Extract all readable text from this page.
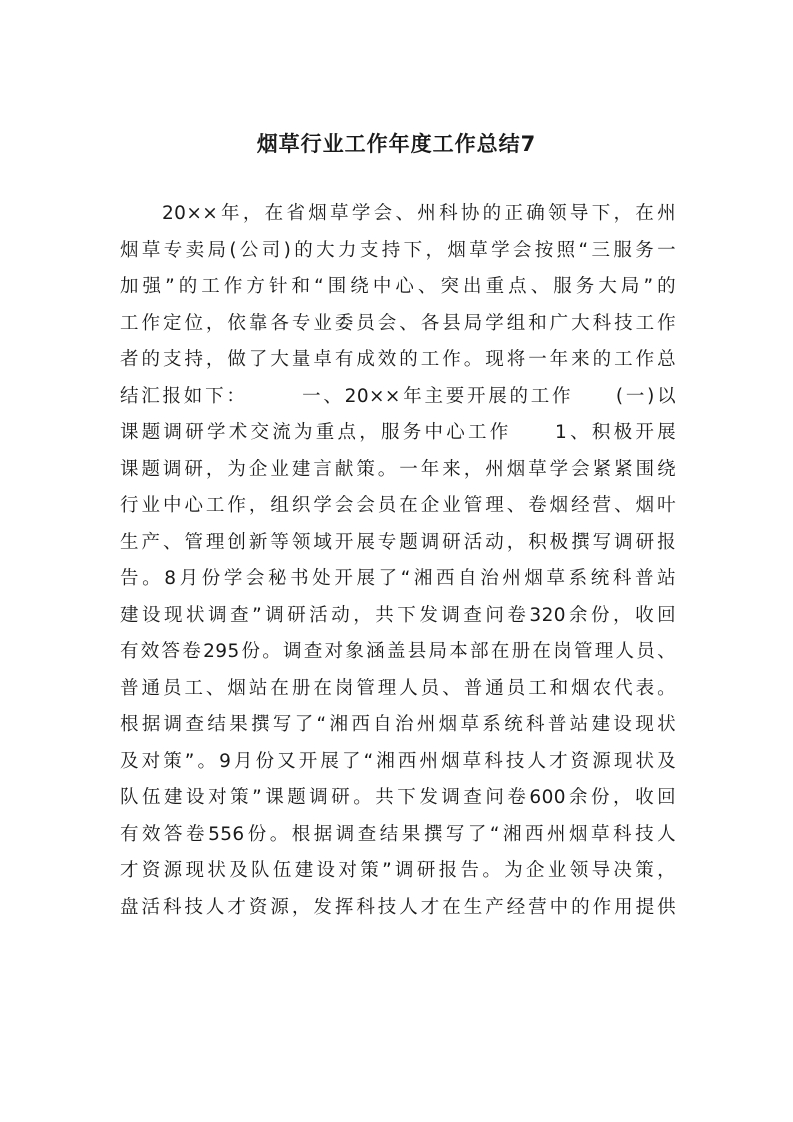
烟草行业工作年度工作总结7
20××年，在省烟草学会、州科协的正确领导下，在州
烟草专卖局(公司)的大力支持下，烟草学会按照“三服务一
加强”的工作方针和“围绕中心、突出重点、服务大局”的
工作定位，依靠各专业委员会、各县局学组和广大科技工作
者的支持，做了大量卓有成效的工作。现将一年来的工作总
结汇报如下：　　　一、20××年主要开展的工作　　(一)以
课题调研学术交流为重点，服务中心工作　　1、积极开展
课题调研，为企业建言献策。一年来，州烟草学会紧紧围绕
行业中心工作，组织学会会员在企业管理、卷烟经营、烟叶
生产、管理创新等领域开展专题调研活动，积极撰写调研报
告。8月份学会秘书处开展了“湘西自治州烟草系统科普站
建设现状调查”调研活动，共下发调查问卷320余份，收回
有效答卷295份。调查对象涵盖县局本部在册在岗管理人员、
普通员工、烟站在册在岗管理人员、普通员工和烟农代表。
根据调查结果撰写了“湘西自治州烟草系统科普站建设现状
及对策”。9月份又开展了“湘西州烟草科技人才资源现状及
队伍建设对策”课题调研。共下发调查问卷600余份，收回
有效答卷556份。根据调查结果撰写了“湘西州烟草科技人
才资源现状及队伍建设对策”调研报告。为企业领导决策，
盘活科技人才资源，发挥科技人才在生产经营中的作用提供
